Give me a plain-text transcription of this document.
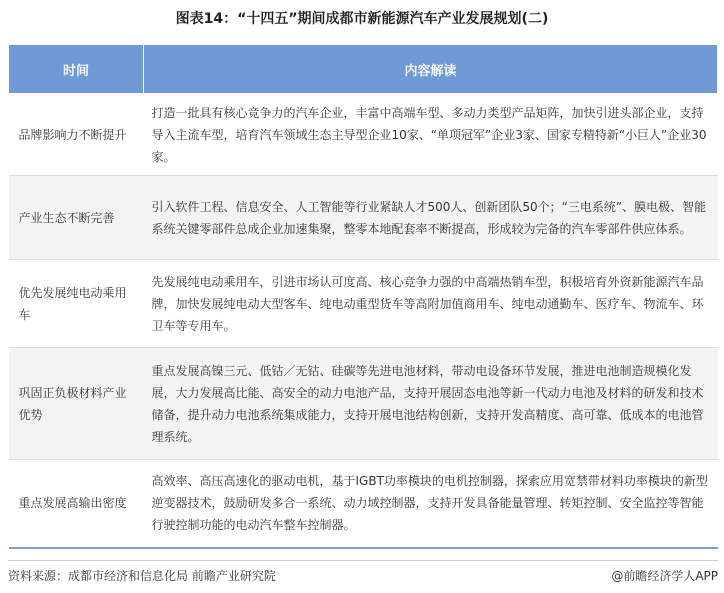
图表14：“十四五”期间成都市新能源汽车产业发展规划(二)
时间	内容解读
品牌影响力不断提升	打造一批具有核心竞争力的汽车企业，丰富中高端车型、多动力类型产品矩阵，加快引进头部企业，支持导入主流车型，培育汽车领域生态主导型企业10家、“单项冠军”企业3家、国家专精特新“小巨人”企业30家。
产业生态不断完善	引入软件工程、信息安全、人工智能等行业紧缺人才500人、创新团队50个；“三电系统”、膜电极、智能系统关键零部件总成企业加速集聚，整零本地配套率不断提高，形成较为完备的汽车零部件供应体系。
优先发展纯电动乘用车	先发展纯电动乘用车，引进市场认可度高、核心竞争力强的中高端热销车型，积极培育外资新能源汽车品牌，加快发展纯电动大型客车、纯电动重型货车等高附加值商用车、纯电动通勤车、医疗车、物流车、环卫车等专用车。
巩固正负极材料产业优势	重点发展高镍三元、低钴／无钴、硅碳等先进电池材料，带动电设备环节发展，推进电池制造规模化发展，大力发展高比能、高安全的动力电池产品，支持开展固态电池等新一代动力电池及材料的研发和技术储备，提升动力电池系统集成能力，支持开展电池结构创新，支持开发高精度、高可靠、低成本的电池管理系统。
重点发展高输出密度	高效率、高压高速化的驱动电机，基于IGBT功率模块的电机控制器，探索应用宽禁带材料功率模块的新型逆变器技术，鼓励研发多合一系统、动力域控制器，支持开发具备能量管理、转矩控制、安全监控等智能行驶控制功能的电动汽车整车控制器。
资料来源：成都市经济和信息化局 前瞻产业研究院	@前瞻经济学人APP
